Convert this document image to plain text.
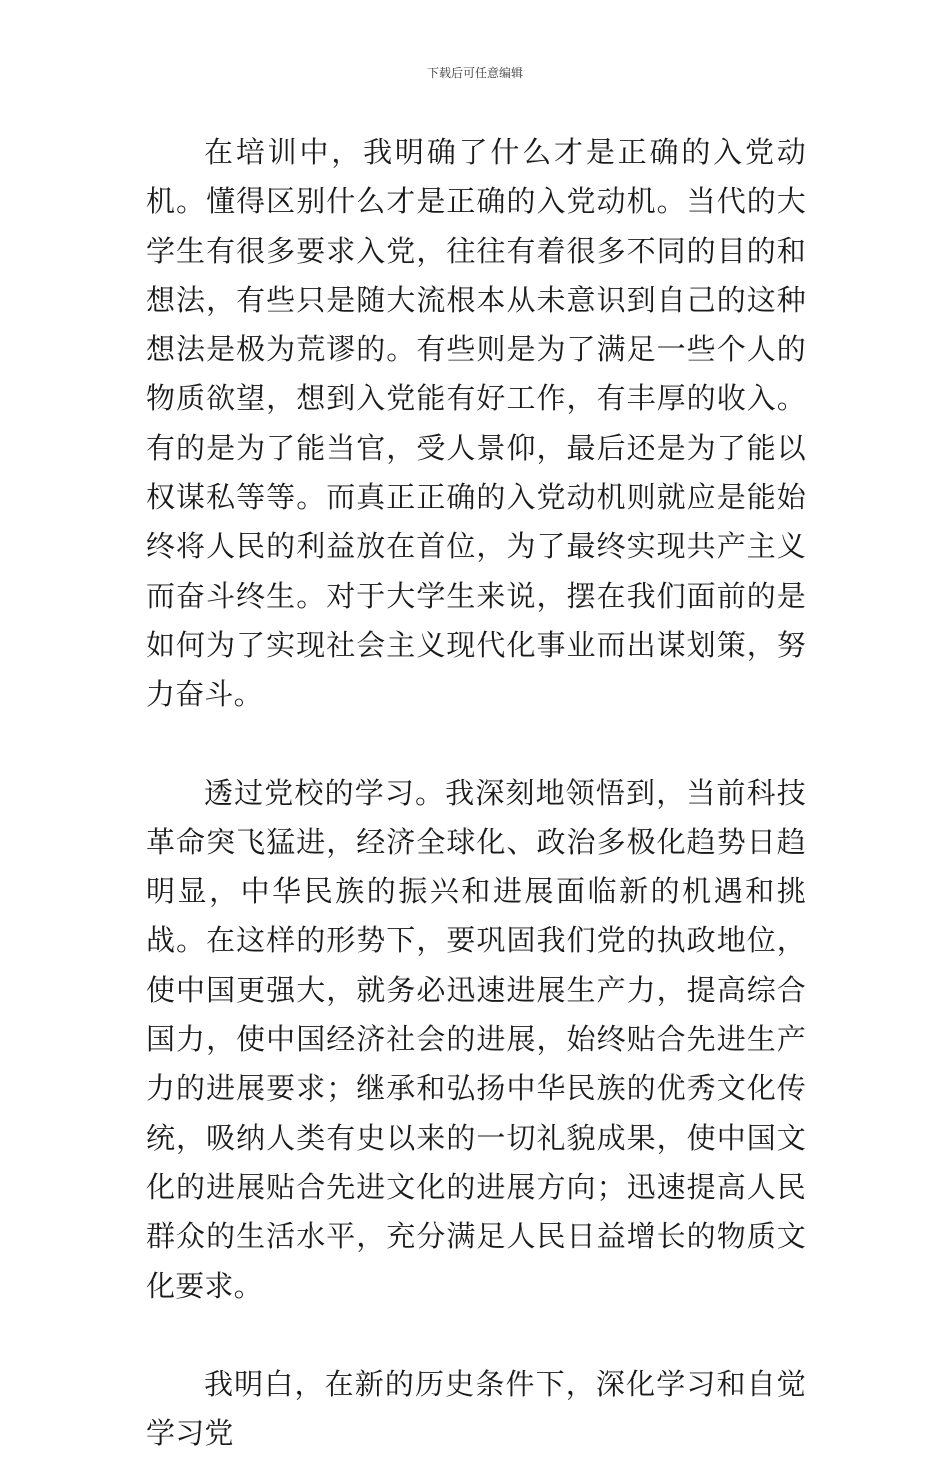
下载后可任意编辑

在培训中，我明确了什么才是正确的入党动机。懂得区别什么才是正确的入党动机。当代的大学生有很多要求入党，往往有着很多不同的目的和想法，有些只是随大流根本从未意识到自己的这种想法是极为荒谬的。有些则是为了满足一些个人的物质欲望，想到入党能有好工作，有丰厚的收入。有的是为了能当官，受人景仰，最后还是为了能以权谋私等等。而真正正确的入党动机则就应是能始终将人民的利益放在首位，为了最终实现共产主义而奋斗终生。对于大学生来说，摆在我们面前的是如何为了实现社会主义现代化事业而出谋划策，努力奋斗。

透过党校的学习。我深刻地领悟到，当前科技革命突飞猛进，经济全球化、政治多极化趋势日趋明显，中华民族的振兴和进展面临新的机遇和挑战。在这样的形势下，要巩固我们党的执政地位，使中国更强大，就务必迅速进展生产力，提高综合国力，使中国经济社会的进展，始终贴合先进生产力的进展要求；继承和弘扬中华民族的优秀文化传统，吸纳人类有史以来的一切礼貌成果，使中国文化的进展贴合先进文化的进展方向；迅速提高人民群众的生活水平，充分满足人民日益增长的物质文化要求。

我明白，在新的历史条件下，深化学习和自觉学习党
